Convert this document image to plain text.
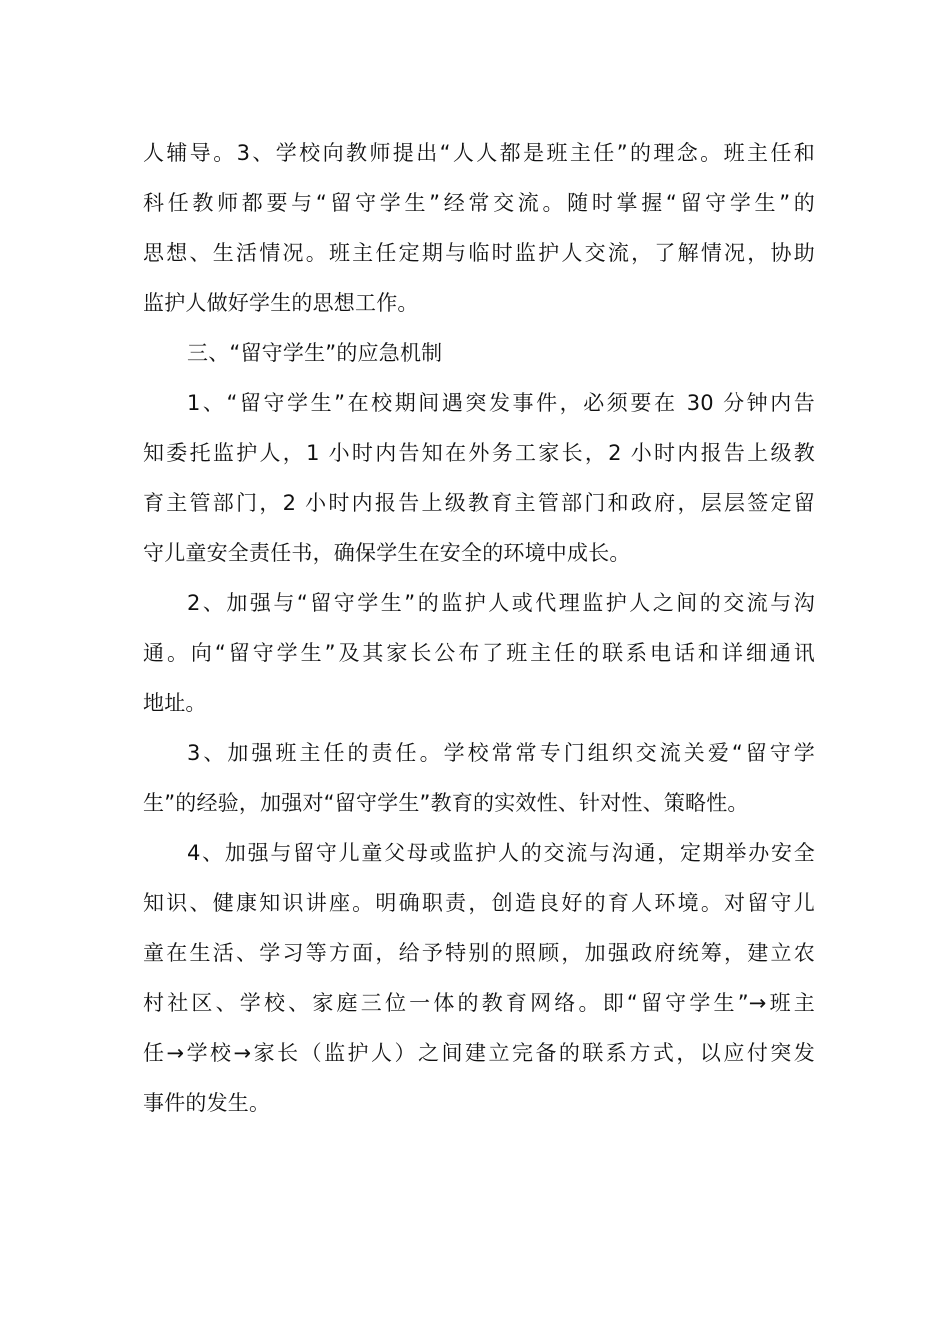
人辅导。3、学校向教师提出“人人都是班主任”的理念。班主任和
科任教师都要与“留守学生”经常交流。随时掌握“留守学生”的
思想、生活情况。班主任定期与临时监护人交流，了解情况，协助
监护人做好学生的思想工作。
三、“留守学生”的应急机制
1、“留守学生”在校期间遇突发事件，必须要在 30 分钟内告
知委托监护人，1 小时内告知在外务工家长，2 小时内报告上级教
育主管部门，2 小时内报告上级教育主管部门和政府，层层签定留
守儿童安全责任书，确保学生在安全的环境中成长。
2、加强与“留守学生”的监护人或代理监护人之间的交流与沟
通。向“留守学生”及其家长公布了班主任的联系电话和详细通讯
地址。
3、加强班主任的责任。学校常常专门组织交流关爱“留守学
生”的经验，加强对“留守学生”教育的实效性、针对性、策略性。
4、加强与留守儿童父母或监护人的交流与沟通，定期举办安全
知识、健康知识讲座。明确职责，创造良好的育人环境。对留守儿
童在生活、学习等方面，给予特别的照顾，加强政府统筹，建立农
村社区、学校、家庭三位一体的教育网络。即“留守学生”→班主
任→学校→家长（监护人）之间建立完备的联系方式，以应付突发
事件的发生。
